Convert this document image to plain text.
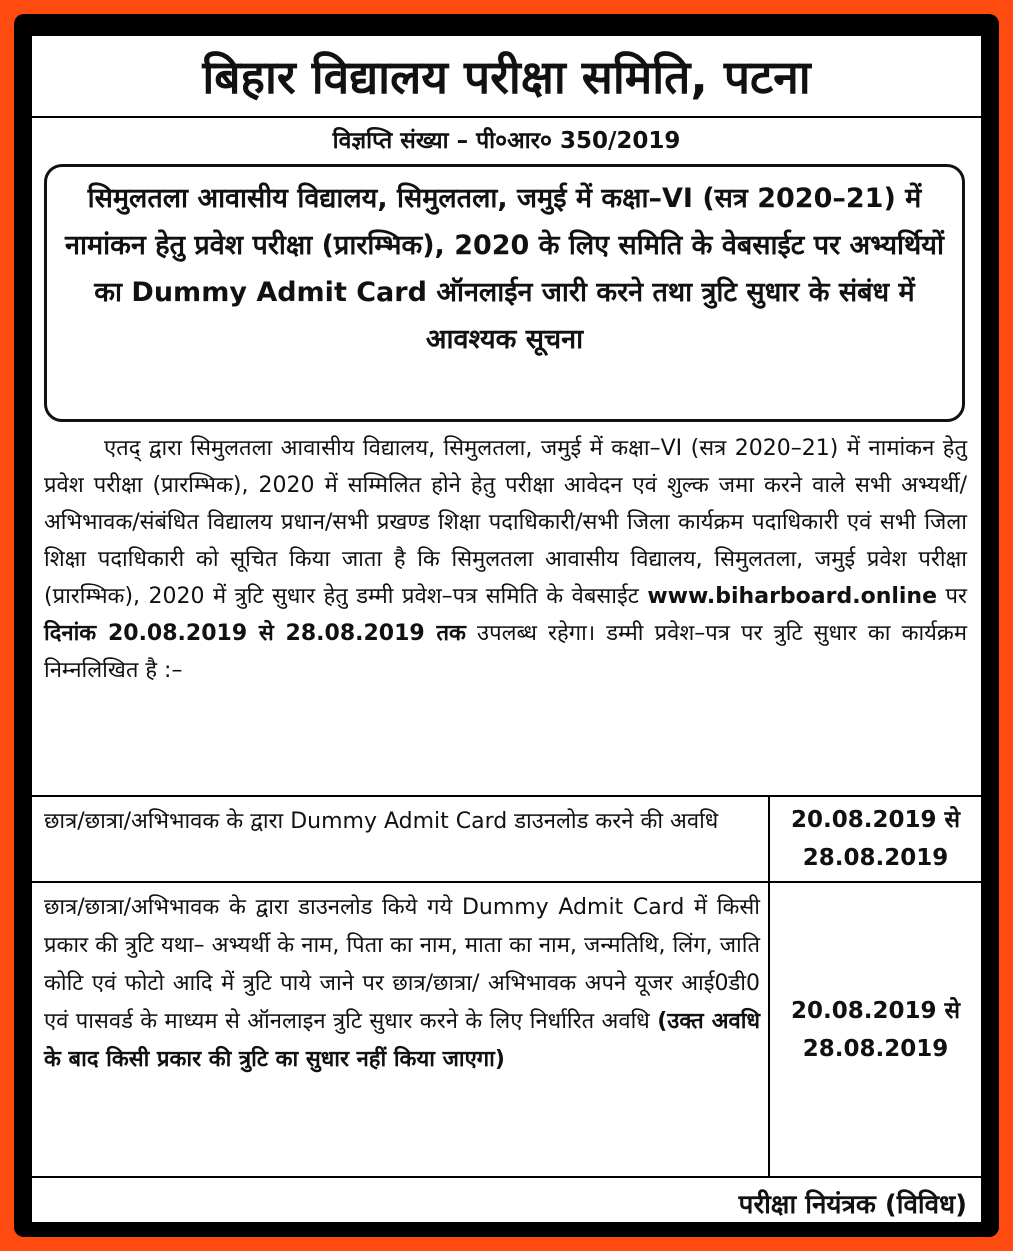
बिहार विद्यालय परीक्षा समिति, पटना
विज्ञप्ति संख्या – पी०आर० 350/2019
सिमुलतला आवासीय विद्यालय, सिमुलतला, जमुई में कक्षा–VI (सत्र 2020–21) में नामांकन हेतु प्रवेश परीक्षा (प्रारम्भिक), 2020 के लिए समिति के वेबसाईट पर अभ्यर्थियों का Dummy Admit Card ऑनलाईन जारी करने तथा त्रुटि सुधार के संबंध में आवश्यक सूचना
एतद् द्वारा सिमुलतला आवासीय विद्यालय, सिमुलतला, जमुई में कक्षा–VI (सत्र 2020–21) में नामांकन हेतु प्रवेश परीक्षा (प्रारम्भिक), 2020 में सम्मिलित होने हेतु परीक्षा आवेदन एवं शुल्क जमा करने वाले सभी अभ्यर्थी/अभिभावक/संबंधित विद्यालय प्रधान/सभी प्रखण्ड शिक्षा पदाधिकारी/सभी जिला कार्यक्रम पदाधिकारी एवं सभी जिला शिक्षा पदाधिकारी को सूचित किया जाता है कि सिमुलतला आवासीय विद्यालय, सिमुलतला, जमुई प्रवेश परीक्षा (प्रारम्भिक), 2020 में त्रुटि सुधार हेतु डम्मी प्रवेश–पत्र समिति के वेबसाईट www.biharboard.online पर दिनांक 20.08.2019 से 28.08.2019 तक उपलब्ध रहेगा। डम्मी प्रवेश–पत्र पर त्रुटि सुधार का कार्यक्रम निम्नलिखित है :–
छात्र/छात्रा/अभिभावक के द्वारा Dummy Admit Card डाउनलोड करने की अवधि	20.08.2019 से 28.08.2019
छात्र/छात्रा/अभिभावक के द्वारा डाउनलोड किये गये Dummy Admit Card में किसी प्रकार की त्रुटि यथा– अभ्यर्थी के नाम, पिता का नाम, माता का नाम, जन्मतिथि, लिंग, जाति कोटि एवं फोटो आदि में त्रुटि पाये जाने पर छात्र/छात्रा/ अभिभावक अपने यूजर आई0डी0 एवं पासवर्ड के माध्यम से ऑनलाइन त्रुटि सुधार करने के लिए निर्धारित अवधि (उक्त अवधि के बाद किसी प्रकार की त्रुटि का सुधार नहीं किया जाएगा)	20.08.2019 से 28.08.2019
परीक्षा नियंत्रक (विविध)
